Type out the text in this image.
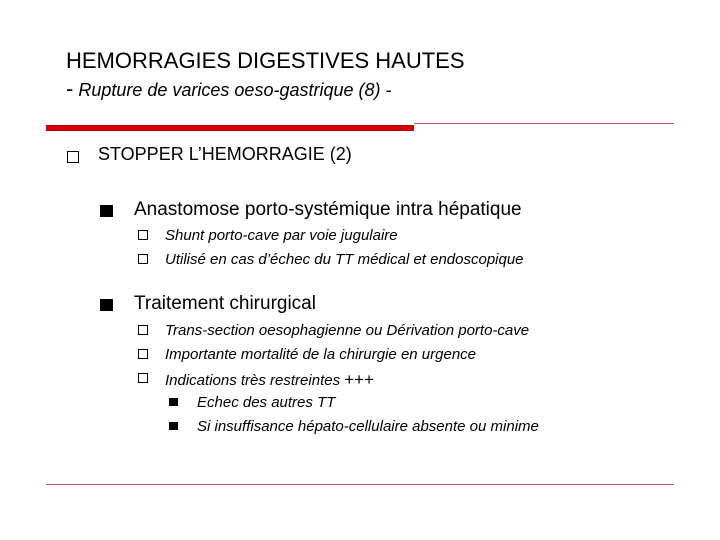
HEMORRAGIES DIGESTIVES HAUTES
- Rupture de varices oeso-gastrique (8) -
STOPPER L’HEMORRAGIE (2)
Anastomose porto-systémique intra hépatique
Shunt porto-cave par voie jugulaire
Utilisé en cas d’échec du TT médical et endoscopique
Traitement chirurgical
Trans-section oesophagienne ou Dérivation porto-cave
Importante mortalité de la chirurgie en urgence
Indications très restreintes +++
Echec des autres TT
Si insuffisance hépato-cellulaire absente ou minime
